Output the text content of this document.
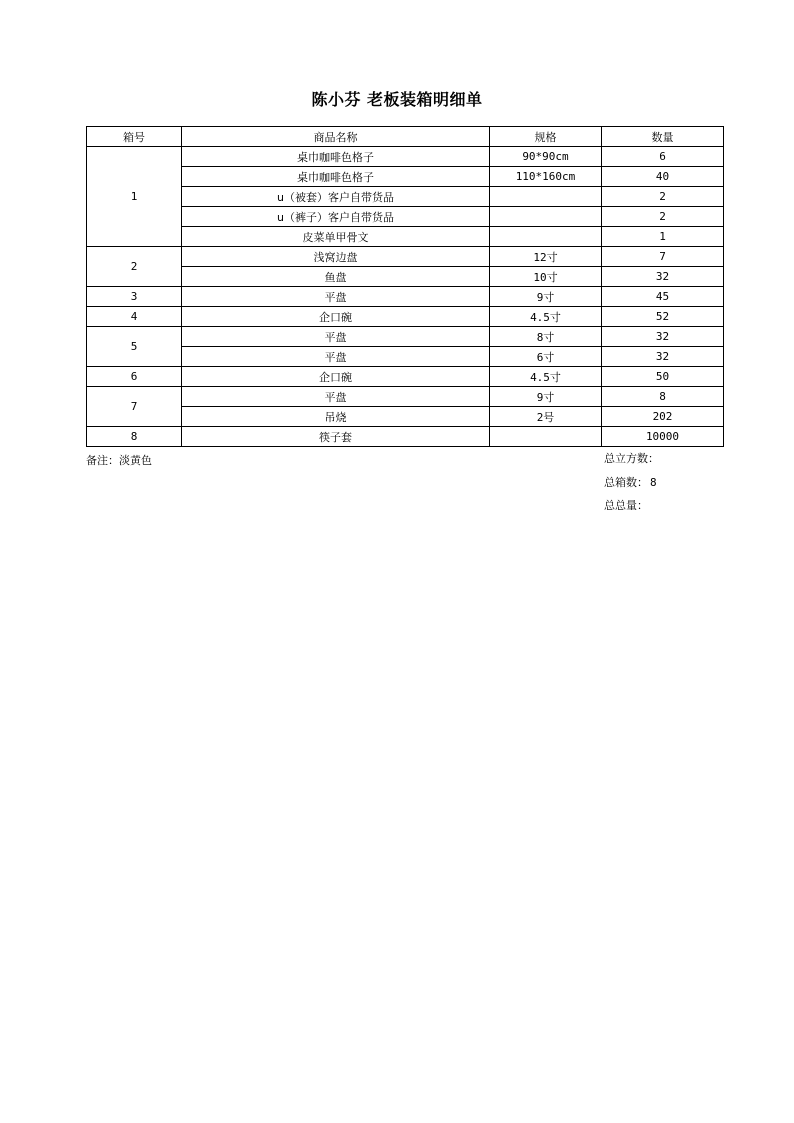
陈小芬 老板装箱明细单
箱号	商品名称	规格	数量
1	桌巾咖啡色格子	90*90cm	6
	桌巾咖啡色格子	110*160cm	40
	u（被套）客户自带货品		2
	u（裤子）客户自带货品		2
	皮菜单甲骨文		1
2	浅窝边盘	12寸	7
	鱼盘	10寸	32
3	平盘	9寸	45
4	企口碗	4.5寸	52
5	平盘	8寸	32
	平盘	6寸	32
6	企口碗	4.5寸	50
7	平盘	9寸	8
	吊烧	2号	202
8	筷子套		10000
备注：淡黄色	总立方数：
总箱数： 8
总总量：
